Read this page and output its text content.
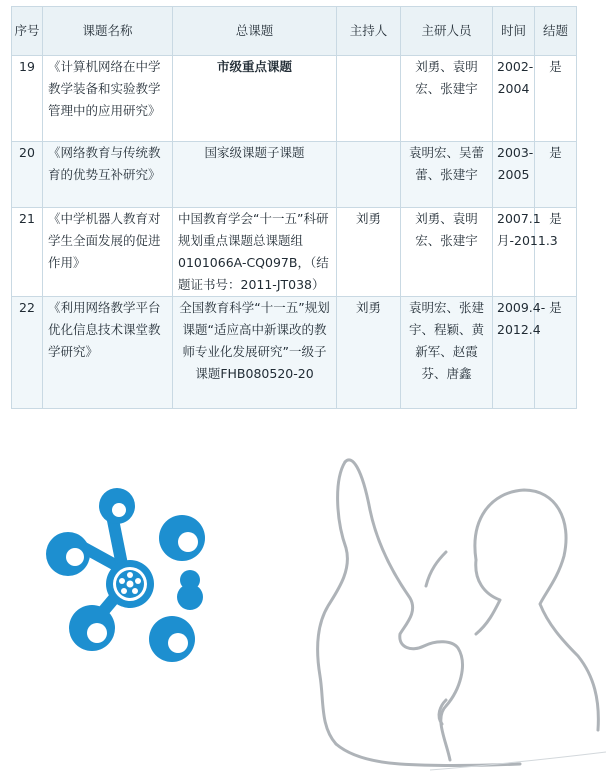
序号	课题名称	总课题	主持人	主研人员	时间	结题
19	《计算机网络在中学教学装备和实验教学管理中的应用研究》	市级重点课题		刘勇、袁明宏、张建宇	2002-2004	是
20	《网络教育与传统教育的优势互补研究》	国家级课题子课题		袁明宏、吴蕾蕾、张建宇	2003-2005	是
21	《中学机器人教育对学生全面发展的促进作用》	中国教育学会“十一五”科研规划重点课题总课题组0101066A-CQ097B，（结题证书号：2011-JT038）	刘勇	刘勇、袁明宏、张建宇	2007.1月-2011.3	是
22	《利用网络教学平台优化信息技术课堂教学研究》	全国教育科学“十一五”规划课题“适应高中新课改的教师专业化发展研究”一级子课题FHB080520-20	刘勇	袁明宏、张建宇、程颖、黄新军、赵霞芬、唐鑫	2009.4-2012.4	是
